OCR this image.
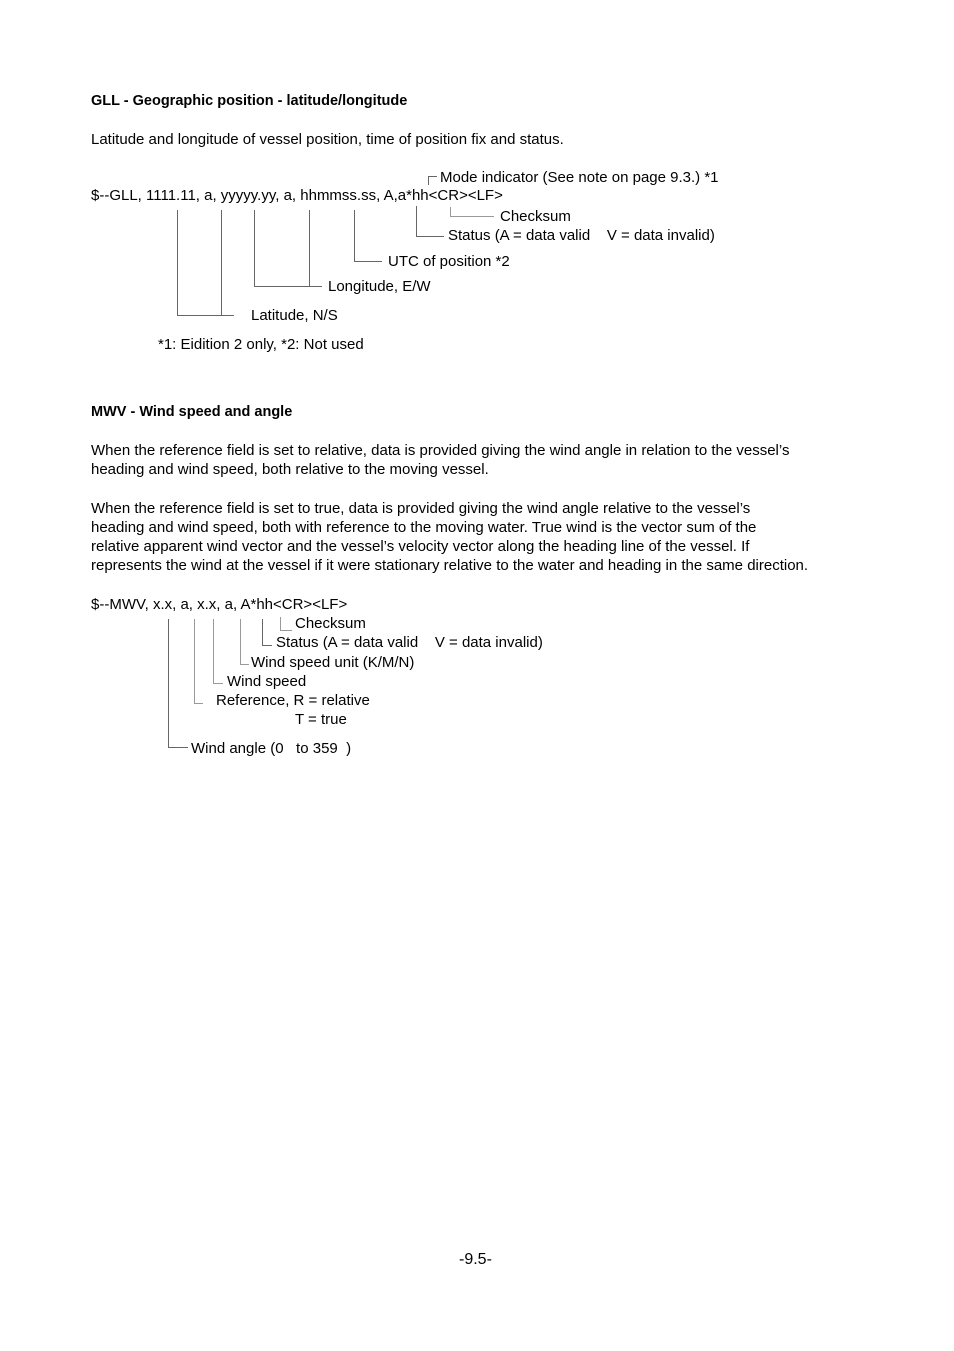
GLL - Geographic position - latitude/longitude
Latitude and longitude of vessel position, time of position fix and status.
Mode indicator (See note on page 9.3.) *1
$--GLL, 1111.11, a, yyyyy.yy, a, hhmmss.ss, A,a*hh<CR><LF>
Checksum
Status (A = data valid    V = data invalid)
UTC of position *2
Longitude, E/W
Latitude, N/S
*1: Eidition 2 only, *2: Not used
MWV - Wind speed and angle
When the reference field is set to relative, data is provided giving the wind angle in relation to the vessel’s
heading and wind speed, both relative to the moving vessel.
When the reference field is set to true, data is provided giving the wind angle relative to the vessel’s
heading and wind speed, both with reference to the moving water. True wind is the vector sum of the
relative apparent wind vector and the vessel’s velocity vector along the heading line of the vessel. If
represents the wind at the vessel if it were stationary relative to the water and heading in the same direction.
$--MWV, x.x, a, x.x, a, A*hh<CR><LF>
Checksum
Status (A = data valid    V = data invalid)
Wind speed unit (K/M/N)
Wind speed
Reference, R = relative
T = true
Wind angle (0   to 359  )
-9.5-
